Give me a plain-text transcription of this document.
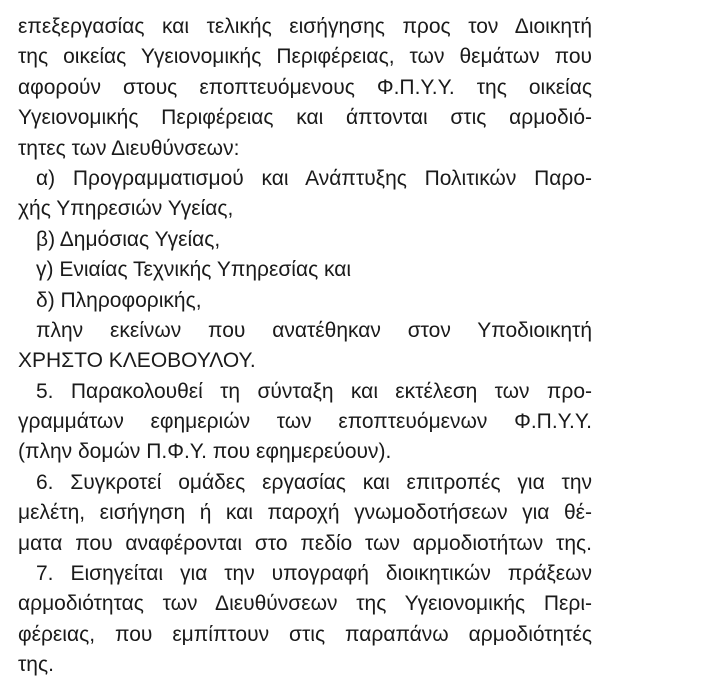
επεξεργασίας και τελικής εισήγησης προς τον Διοικητή
της οικείας Υγειονομικής Περιφέρειας, των θεμάτων που
αφορούν στους εποπτευόμενους Φ.Π.Υ.Υ. της οικείας
Υγειονομικής Περιφέρειας και άπτονται στις αρμοδιό-
τητες των Διευθύνσεων:
α) Προγραμματισμού και Ανάπτυξης Πολιτικών Παρο-
χής Υπηρεσιών Υγείας,
β) Δημόσιας Υγείας,
γ) Ενιαίας Τεχνικής Υπηρεσίας και
δ) Πληροφορικής,
πλην εκείνων που ανατέθηκαν στον Υποδιοικητή
ΧΡΗΣΤΟ ΚΛΕΟΒΟΥΛΟΥ.
5. Παρακολουθεί τη σύνταξη και εκτέλεση των προ-
γραμμάτων εφημεριών των εποπτευόμενων Φ.Π.Υ.Υ.
(πλην δομών Π.Φ.Υ. που εφημερεύουν).
6. Συγκροτεί ομάδες εργασίας και επιτροπές για την
μελέτη, εισήγηση ή και παροχή γνωμοδοτήσεων για θέ-
ματα που αναφέρονται στο πεδίο των αρμοδιοτήτων της.
7. Εισηγείται για την υπογραφή διοικητικών πράξεων
αρμοδιότητας των Διευθύνσεων της Υγειονομικής Περι-
φέρειας, που εμπίπτουν στις παραπάνω αρμοδιότητές
της.
